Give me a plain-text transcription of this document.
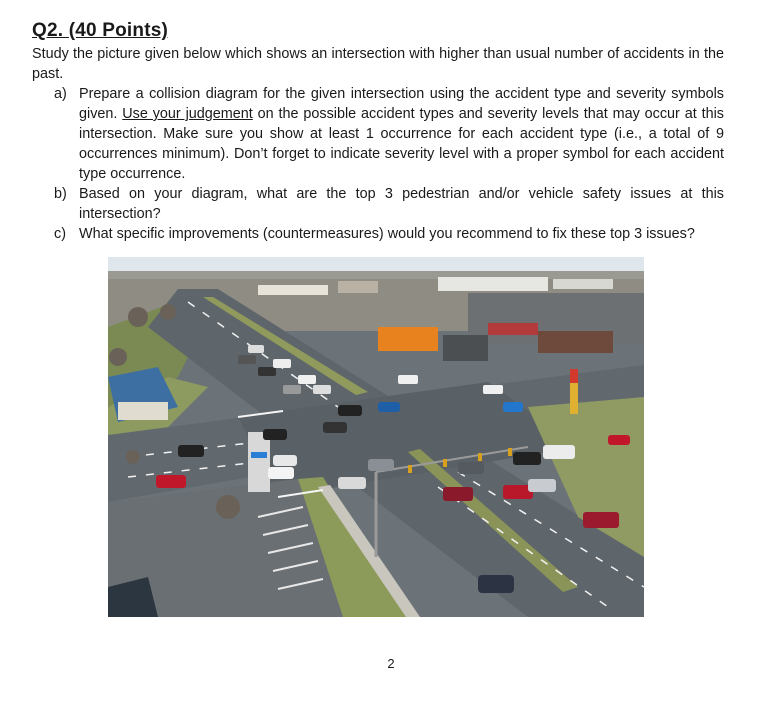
Q2. (40 Points)
Study the picture given below which shows an intersection with higher than usual number of accidents in the past.
a) Prepare a collision diagram for the given intersection using the accident type and severity symbols given. Use your judgement on the possible accident types and severity levels that may occur at this intersection. Make sure you show at least 1 occurrence for each accident type (i.e., a total of 9 occurrences minimum). Don’t forget to indicate severity level with a proper symbol for each accident type occurrence.
b) Based on your diagram, what are the top 3 pedestrian and/or vehicle safety issues at this intersection?
c) What specific improvements (countermeasures) would you recommend to fix these top 3 issues?
2
